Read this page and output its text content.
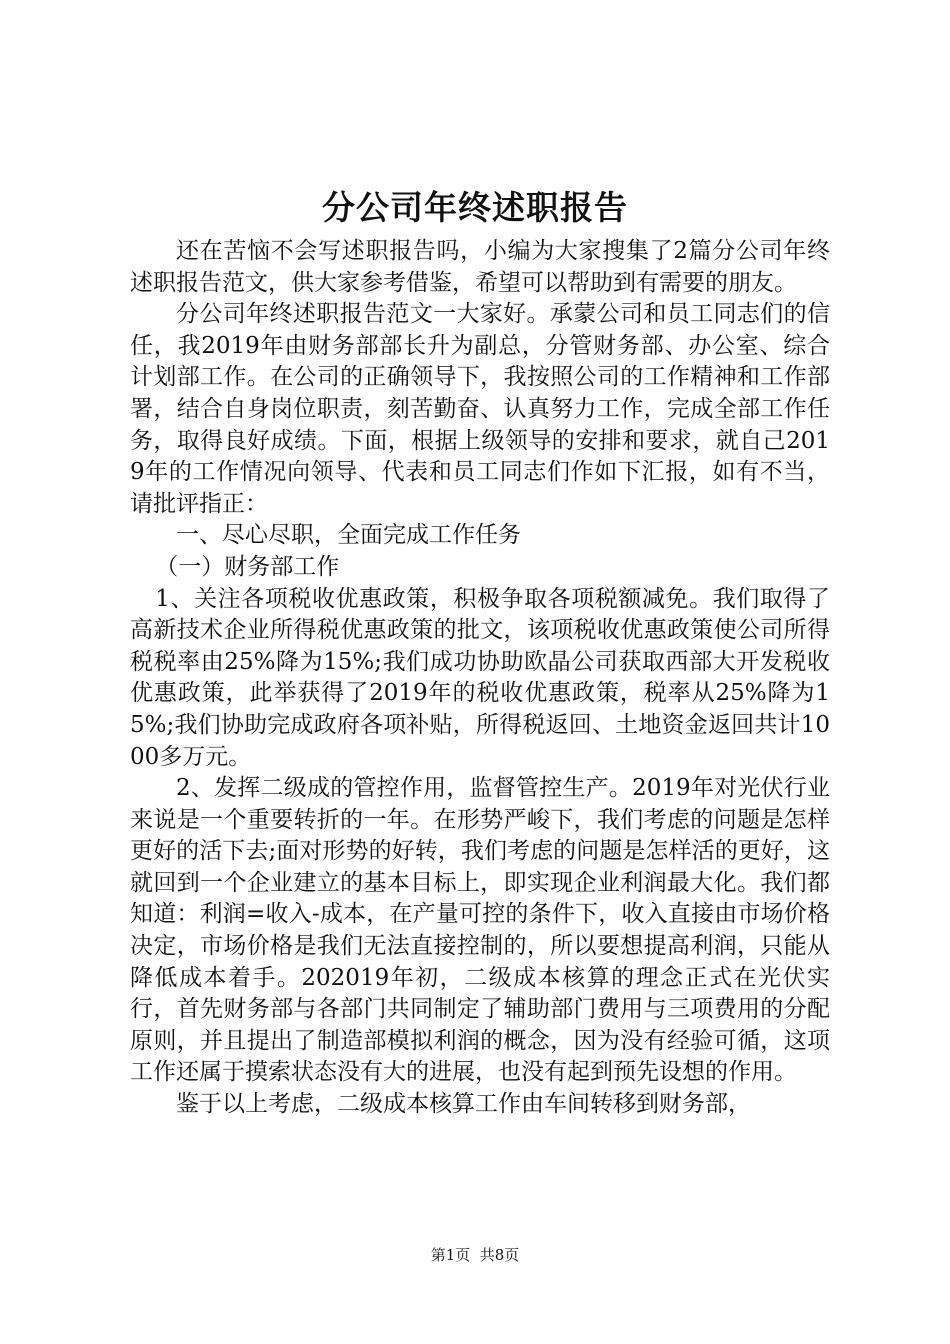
分公司年终述职报告

还在苦恼不会写述职报告吗，小编为大家搜集了2篇分公司年终述职报告范文，供大家参考借鉴，希望可以帮助到有需要的朋友。

分公司年终述职报告范文一大家好。承蒙公司和员工同志们的信任，我2019年由财务部部长升为副总，分管财务部、办公室、综合计划部工作。在公司的正确领导下，我按照公司的工作精神和工作部署，结合自身岗位职责，刻苦勤奋、认真努力工作，完成全部工作任务，取得良好成绩。下面，根据上级领导的安排和要求，就自己2019年的工作情况向领导、代表和员工同志们作如下汇报，如有不当，请批评指正：

一、尽心尽职，全面完成工作任务

（一）财务部工作

1、关注各项税收优惠政策，积极争取各项税额减免。我们取得了高新技术企业所得税优惠政策的批文，该项税收优惠政策使公司所得税税率由25%降为15%;我们成功协助欧晶公司获取西部大开发税收优惠政策，此举获得了2019年的税收优惠政策，税率从25%降为15%;我们协助完成政府各项补贴，所得税返回、土地资金返回共计1000多万元。

2、发挥二级成的管控作用，监督管控生产。2019年对光伏行业来说是一个重要转折的一年。在形势严峻下，我们考虑的问题是怎样更好的活下去;面对形势的好转，我们考虑的问题是怎样活的更好，这就回到一个企业建立的基本目标上，即实现企业利润最大化。我们都知道：利润=收入-成本，在产量可控的条件下，收入直接由市场价格决定，市场价格是我们无法直接控制的，所以要想提高利润，只能从降低成本着手。202019年初，二级成本核算的理念正式在光伏实行，首先财务部与各部门共同制定了辅助部门费用与三项费用的分配原则，并且提出了制造部模拟利润的概念，因为没有经验可循，这项工作还属于摸索状态没有大的进展，也没有起到预先设想的作用。

鉴于以上考虑，二级成本核算工作由车间转移到财务部，

第1页  共8页
